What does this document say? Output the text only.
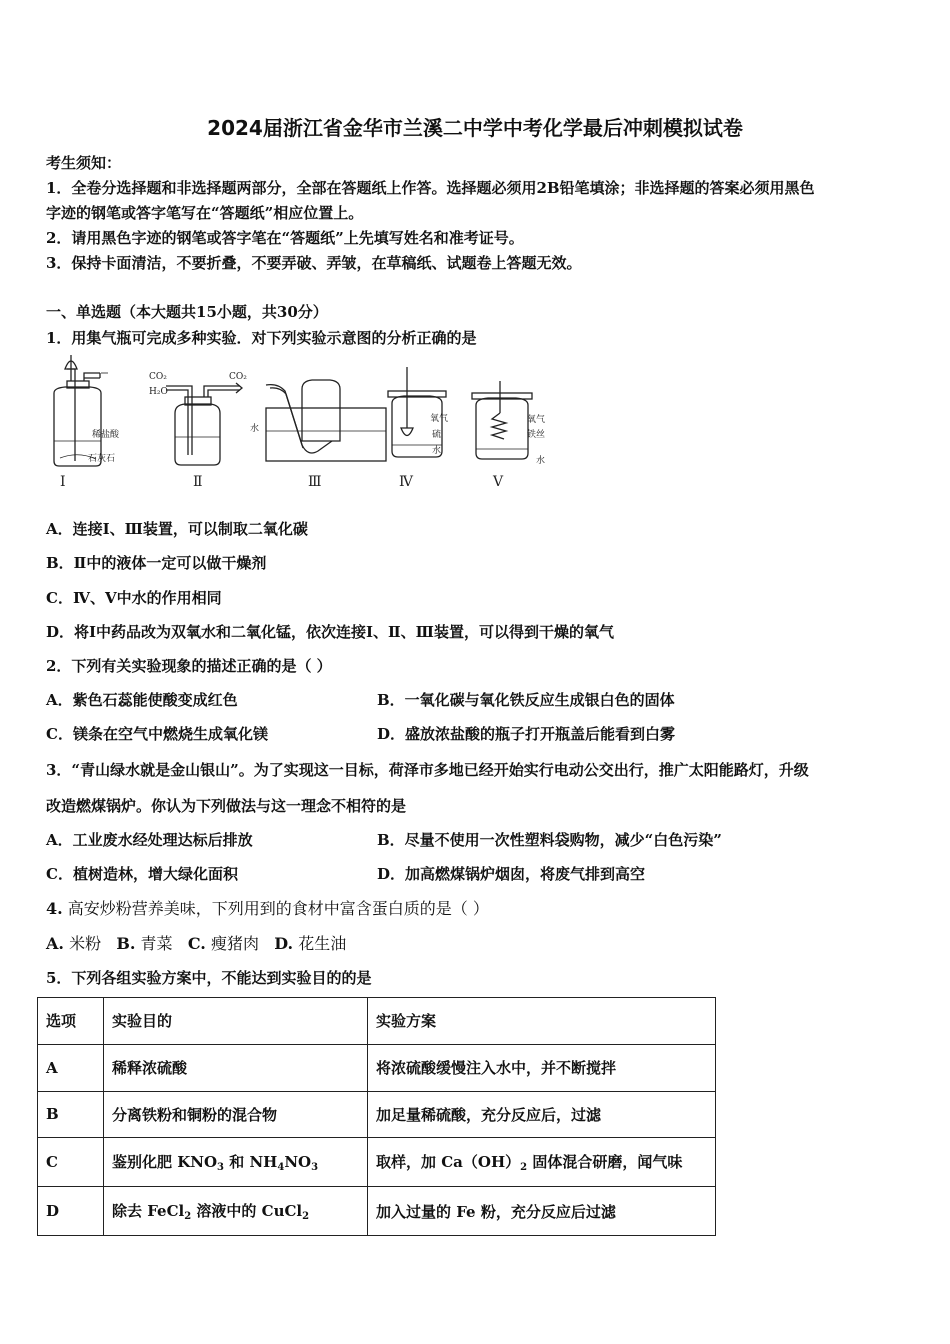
2024届浙江省金华市兰溪二中学中考化学最后冲刺模拟试卷
考生须知：
1．全卷分选择题和非选择题两部分，全部在答题纸上作答。选择题必须用2B铅笔填涂；非选择题的答案必须用黑色
字迹的钢笔或答字笔写在“答题纸”相应位置上。
2．请用黑色字迹的钢笔或答字笔在“答题纸”上先填写姓名和准考证号。
3．保持卡面清洁，不要折叠，不要弄破、弄皱，在草稿纸、试题卷上答题无效。
一、单选题（本大题共15小题，共30分）
1．用集气瓶可完成多种实验．对下列实验示意图的分析正确的是
CO₂
H₂O
CO₂
稀盐酸
石灰石
水
氧气
硫
水
氧气
铁丝
水
Ⅰ	Ⅱ	Ⅲ	Ⅳ	Ⅴ
A．连接Ⅰ、Ⅲ装置，可以制取二氧化碳
B．Ⅱ中的液体一定可以做干燥剂
C．Ⅳ、Ⅴ中水的作用相同
D．将Ⅰ中药品改为双氧水和二氧化锰，依次连接Ⅰ、Ⅱ、Ⅲ装置，可以得到干燥的氧气
2．下列有关实验现象的描述正确的是（ ）
A．紫色石蕊能使酸变成红色	B．一氧化碳与氧化铁反应生成银白色的固体
C．镁条在空气中燃烧生成氧化镁	D．盛放浓盐酸的瓶子打开瓶盖后能看到白雾
3．“青山绿水就是金山银山”。为了实现这一目标，荷泽市多地已经开始实行电动公交出行，推广太阳能路灯，升级
改造燃煤锅炉。你认为下列做法与这一理念不相符的是
A．工业废水经处理达标后排放	B．尽量不使用一次性塑料袋购物，减少“白色污染”
C．植树造林，增大绿化面积	D．加高燃煤锅炉烟囱，将废气排到高空
4. 高安炒粉营养美味，下列用到的食材中富含蛋白质的是（ ）
A. 米粉 B. 青菜 C. 瘦猪肉 D. 花生油
5．下列各组实验方案中，不能达到实验目的的是
选项	实验目的	实验方案
A	稀释浓硫酸	将浓硫酸缓慢注入水中，并不断搅拌
B	分离铁粉和铜粉的混合物	加足量稀硫酸，充分反应后，过滤
C	鉴别化肥 $KNO_3$ 和 $NH_4NO_3$	取样，加 $Ca(OH)_2$ 固体混合研磨，闻气味
D	除去 FeCl$_2$ 溶液中的 CuCl$_2$	加入过量的 Fe 粉，充分反应后过滤
